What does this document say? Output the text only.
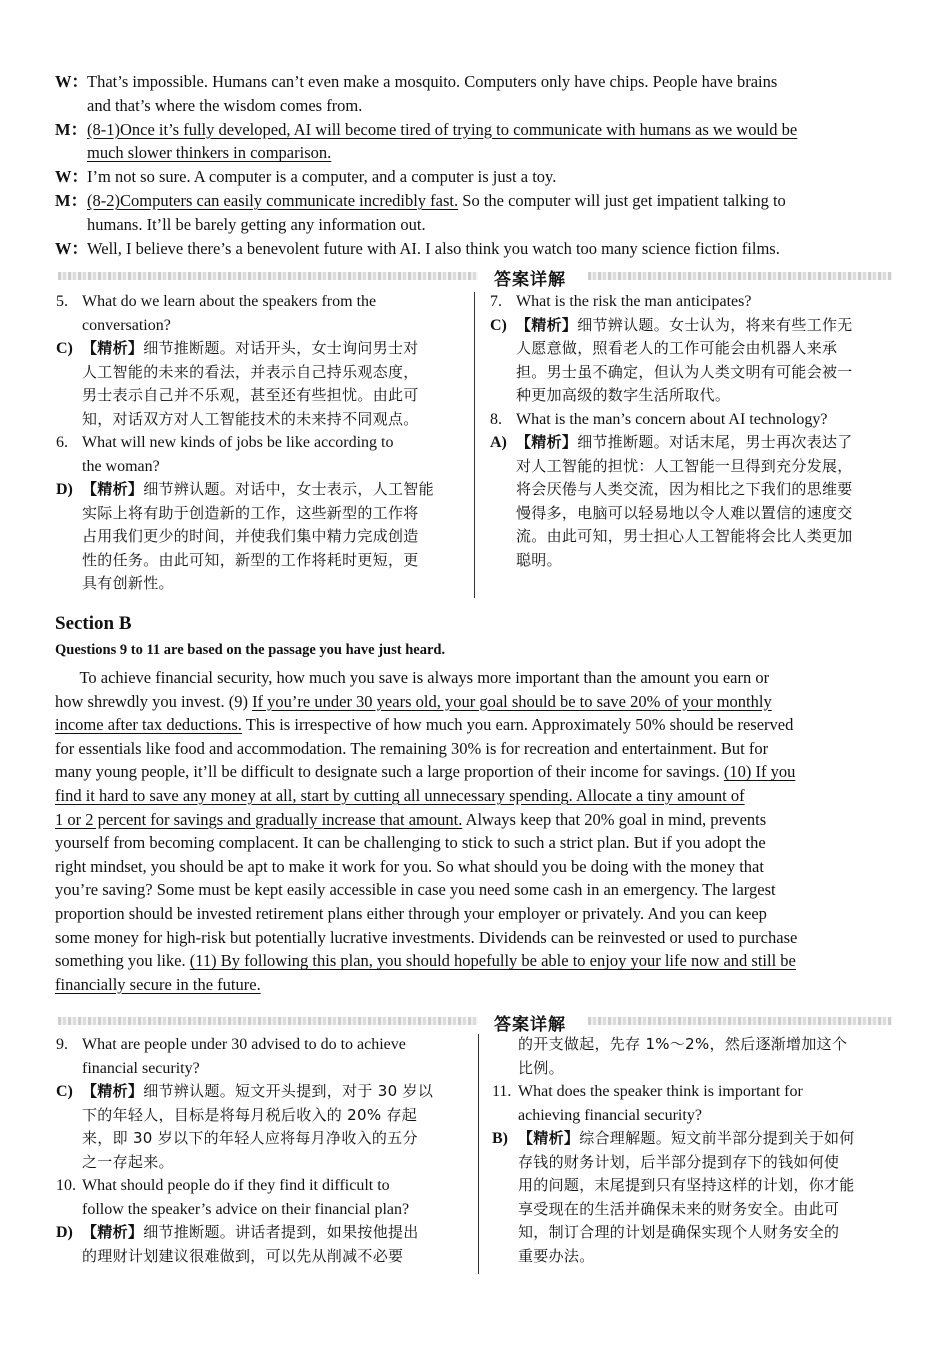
W：That’s impossible. Humans can’t even make a mosquito. Computers only have chips. People have brains
and that’s where the wisdom comes from.
M：(8-1)Once it’s fully developed, AI will become tired of trying to communicate with humans as we would be
much slower thinkers in comparison.
W：I’m not so sure. A computer is a computer, and a computer is just a toy.
M：(8-2)Computers can easily communicate incredibly fast. So the computer will just get impatient talking to
humans. It’ll be barely getting any information out.
W：Well, I believe there’s a benevolent future with AI. I also think you watch too many science fiction films.
答案详解
5. What do we learn about the speakers from the

conversation?

C) 【精析】细节推断题。对话开头，女士询问男士对

人工智能的未来的看法，并表示自己持乐观态度，

男士表示自己并不乐观，甚至还有些担忧。由此可

知，对话双方对人工智能技术的未来持不同观点。

6. What will new kinds of jobs be like according to

the woman?

D) 【精析】细节辨认题。对话中，女士表示，人工智能

实际上将有助于创造新的工作，这些新型的工作将

占用我们更少的时间，并使我们集中精力完成创造

性的任务。由此可知，新型的工作将耗时更短，更

具有创新性。

7. What is the risk the man anticipates?

C) 【精析】细节辨认题。女士认为，将来有些工作无

人愿意做，照看老人的工作可能会由机器人来承

担。男士虽不确定，但认为人类文明有可能会被一

种更加高级的数字生活所取代。

8. What is the man’s concern about AI technology?

A) 【精析】细节推断题。对话末尾，男士再次表达了

对人工智能的担忧：人工智能一旦得到充分发展，

将会厌倦与人类交流，因为相比之下我们的思维要

慢得多，电脑可以轻易地以令人难以置信的速度交

流。由此可知，男士担心人工智能将会比人类更加

聪明。

Section B
Questions 9 to 11 are based on the passage you have just heard.
To achieve financial security, how much you save is always more important than the amount you earn or
how shrewdly you invest. (9) If you’re under 30 years old, your goal should be to save 20% of your monthly
income after tax deductions. This is irrespective of how much you earn. Approximately 50% should be reserved
for essentials like food and accommodation. The remaining 30% is for recreation and entertainment. But for
many young people, it’ll be difficult to designate such a large proportion of their income for savings. (10) If you
find it hard to save any money at all, start by cutting all unnecessary spending. Allocate a tiny amount of
1 or 2 percent for savings and gradually increase that amount. Always keep that 20% goal in mind, prevents
yourself from becoming complacent. It can be challenging to stick to such a strict plan. But if you adopt the
right mindset, you should be apt to make it work for you. So what should you be doing with the money that
you’re saving? Some must be kept easily accessible in case you need some cash in an emergency. The largest
proportion should be invested retirement plans either through your employer or privately. And you can keep
some money for high-risk but potentially lucrative investments. Dividends can be reinvested or used to purchase
something you like. (11) By following this plan, you should hopefully be able to enjoy your life now and still be
financially secure in the future.
答案详解
9. What are people under 30 advised to do to achieve

financial security?

C) 【精析】细节辨认题。短文开头提到，对于 30 岁以

下的年轻人，目标是将每月税后收入的 20% 存起

来，即 30 岁以下的年轻人应将每月净收入的五分

之一存起来。

10. What should people do if they find it difficult to

follow the speaker’s advice on their financial plan?

D) 【精析】细节推断题。讲话者提到，如果按他提出

的理财计划建议很难做到，可以先从削减不必要

的开支做起，先存 1%～2%，然后逐渐增加这个

比例。

11. What does the speaker think is important for

achieving financial security?

B) 【精析】综合理解题。短文前半部分提到关于如何

存钱的财务计划，后半部分提到存下的钱如何使

用的问题，末尾提到只有坚持这样的计划，你才能

享受现在的生活并确保未来的财务安全。由此可

知，制订合理的计划是确保实现个人财务安全的

重要办法。
